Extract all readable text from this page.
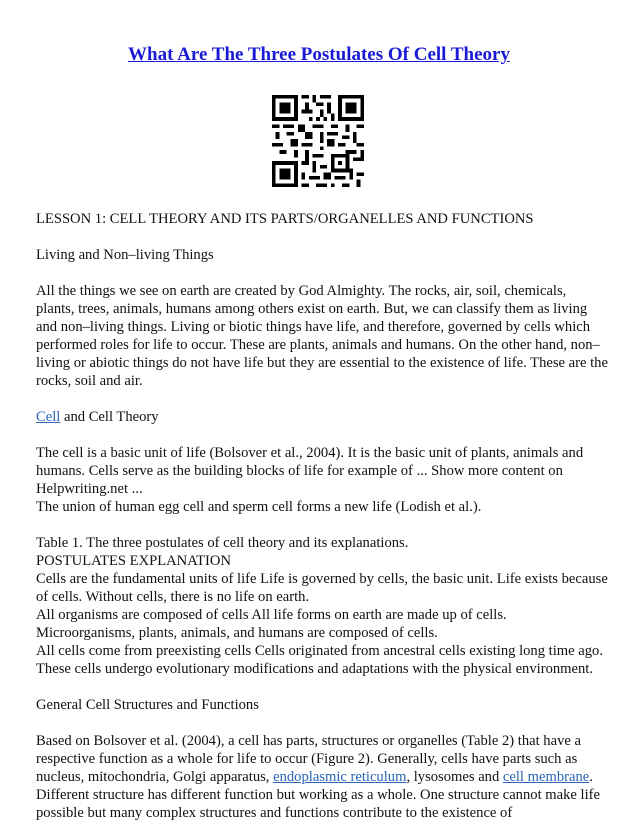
What Are The Three Postulates Of Cell Theory

LESSON 1: CELL THEORY AND ITS PARTS/ORGANELLES AND FUNCTIONS

Living and Non–living Things

All the things we see on earth are created by God Almighty. The rocks, air, soil, chemicals, plants, trees, animals, humans among others exist on earth. But, we can classify them as living and non–living things. Living or biotic things have life, and therefore, governed by cells which performed roles for life to occur. These are plants, animals and humans. On the other hand, non–living or abiotic things do not have life but they are essential to the existence of life. These are the rocks, soil and air.

Cell and Cell Theory

The cell is a basic unit of life (Bolsover et al., 2004). It is the basic unit of plants, animals and humans. Cells serve as the building blocks of life for example of ... Show more content on Helpwriting.net ...

The union of human egg cell and sperm cell forms a new life (Lodish et al.).

Table 1. The three postulates of cell theory and its explanations.

POSTULATES EXPLANATION

Cells are the fundamental units of life Life is governed by cells, the basic unit. Life exists because of cells. Without cells, there is no life on earth.

All organisms are composed of cells All life forms on earth are made up of cells. Microorganisms, plants, animals, and humans are composed of cells.

All cells come from preexisting cells Cells originated from ancestral cells existing long time ago. These cells undergo evolutionary modifications and adaptations with the physical environment.

General Cell Structures and Functions

Based on Bolsover et al. (2004), a cell has parts, structures or organelles (Table 2) that have a respective function as a whole for life to occur (Figure 2). Generally, cells have parts such as nucleus, mitochondria, Golgi apparatus, endoplasmic reticulum, lysosomes and cell membrane. Different structure has different function but working as a whole. One structure cannot make life possible but many complex structures and functions contribute to the existence of
